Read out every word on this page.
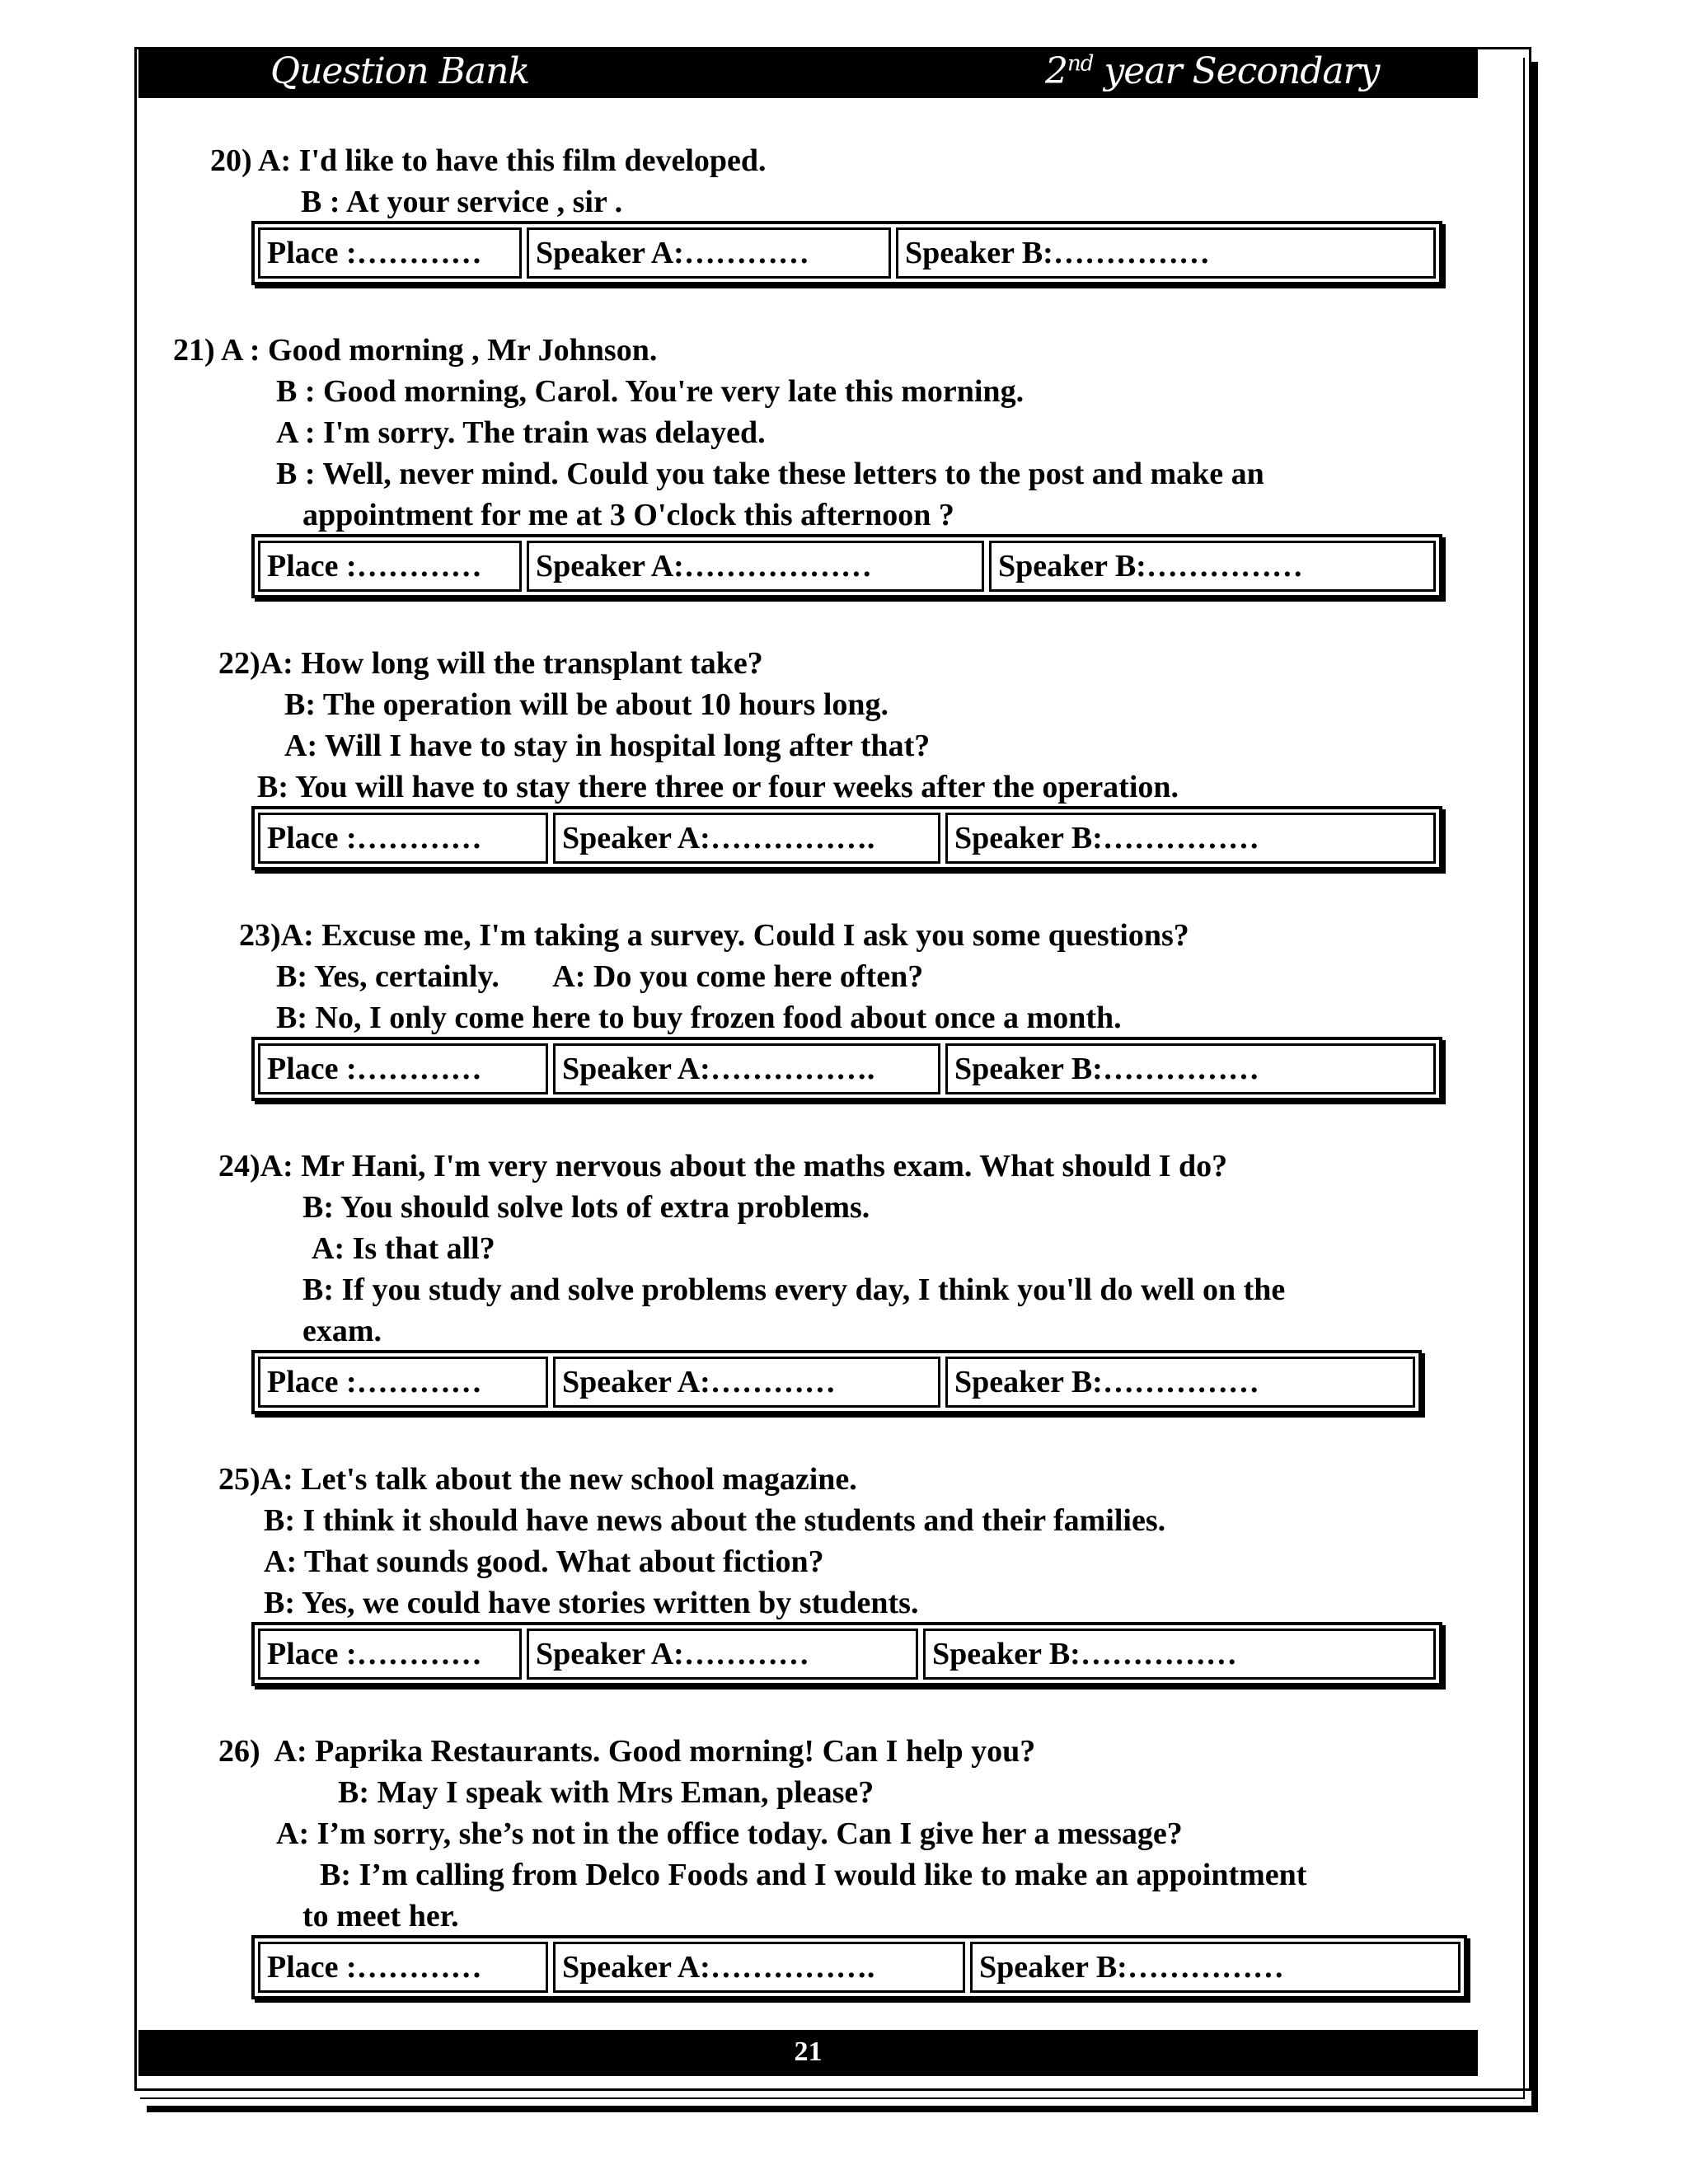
Question Bank	2nd year Secondary
20) A: I'd like to have this film developed.
B : At your service , sir .
Place :…………	Speaker A:…………	Speaker B:……………
21) A : Good morning , Mr Johnson.
B : Good morning, Carol. You're very late this morning.
A : I'm sorry. The train was delayed.
B : Well, never mind. Could you take these letters to the post and make an
appointment for me at 3 O'clock this afternoon ?
Place :…………	Speaker A:………………	Speaker B:……………
22)A: How long will the transplant take?
B: The operation will be about 10 hours long.
A: Will I have to stay in hospital long after that?
B: You will have to stay there three or four weeks after the operation.
Place :…………	Speaker A:…………….	Speaker B:……………
23)A: Excuse me, I'm taking a survey. Could I ask you some questions?
B: Yes, certainly.       A: Do you come here often?
B: No, I only come here to buy frozen food about once a month.
Place :…………	Speaker A:…………….	Speaker B:……………
24)A: Mr Hani, I'm very nervous about the maths exam. What should I do?
B: You should solve lots of extra problems.
A: Is that all?
B: If you study and solve problems every day, I think you'll do well on the
exam.
Place :…………	Speaker A:…………	Speaker B:……………
25)A: Let's talk about the new school magazine.
B: I think it should have news about the students and their families.
A: That sounds good. What about fiction?
B: Yes, we could have stories written by students.
Place :…………	Speaker A:…………	Speaker B:……………
26)  A: Paprika Restaurants. Good morning! Can I help you?
B: May I speak with Mrs Eman, please?
A: I’m sorry, she’s not in the office today. Can I give her a message?
B: I’m calling from Delco Foods and I would like to make an appointment
to meet her.
Place :…………	Speaker A:…………….	Speaker B:……………
21
